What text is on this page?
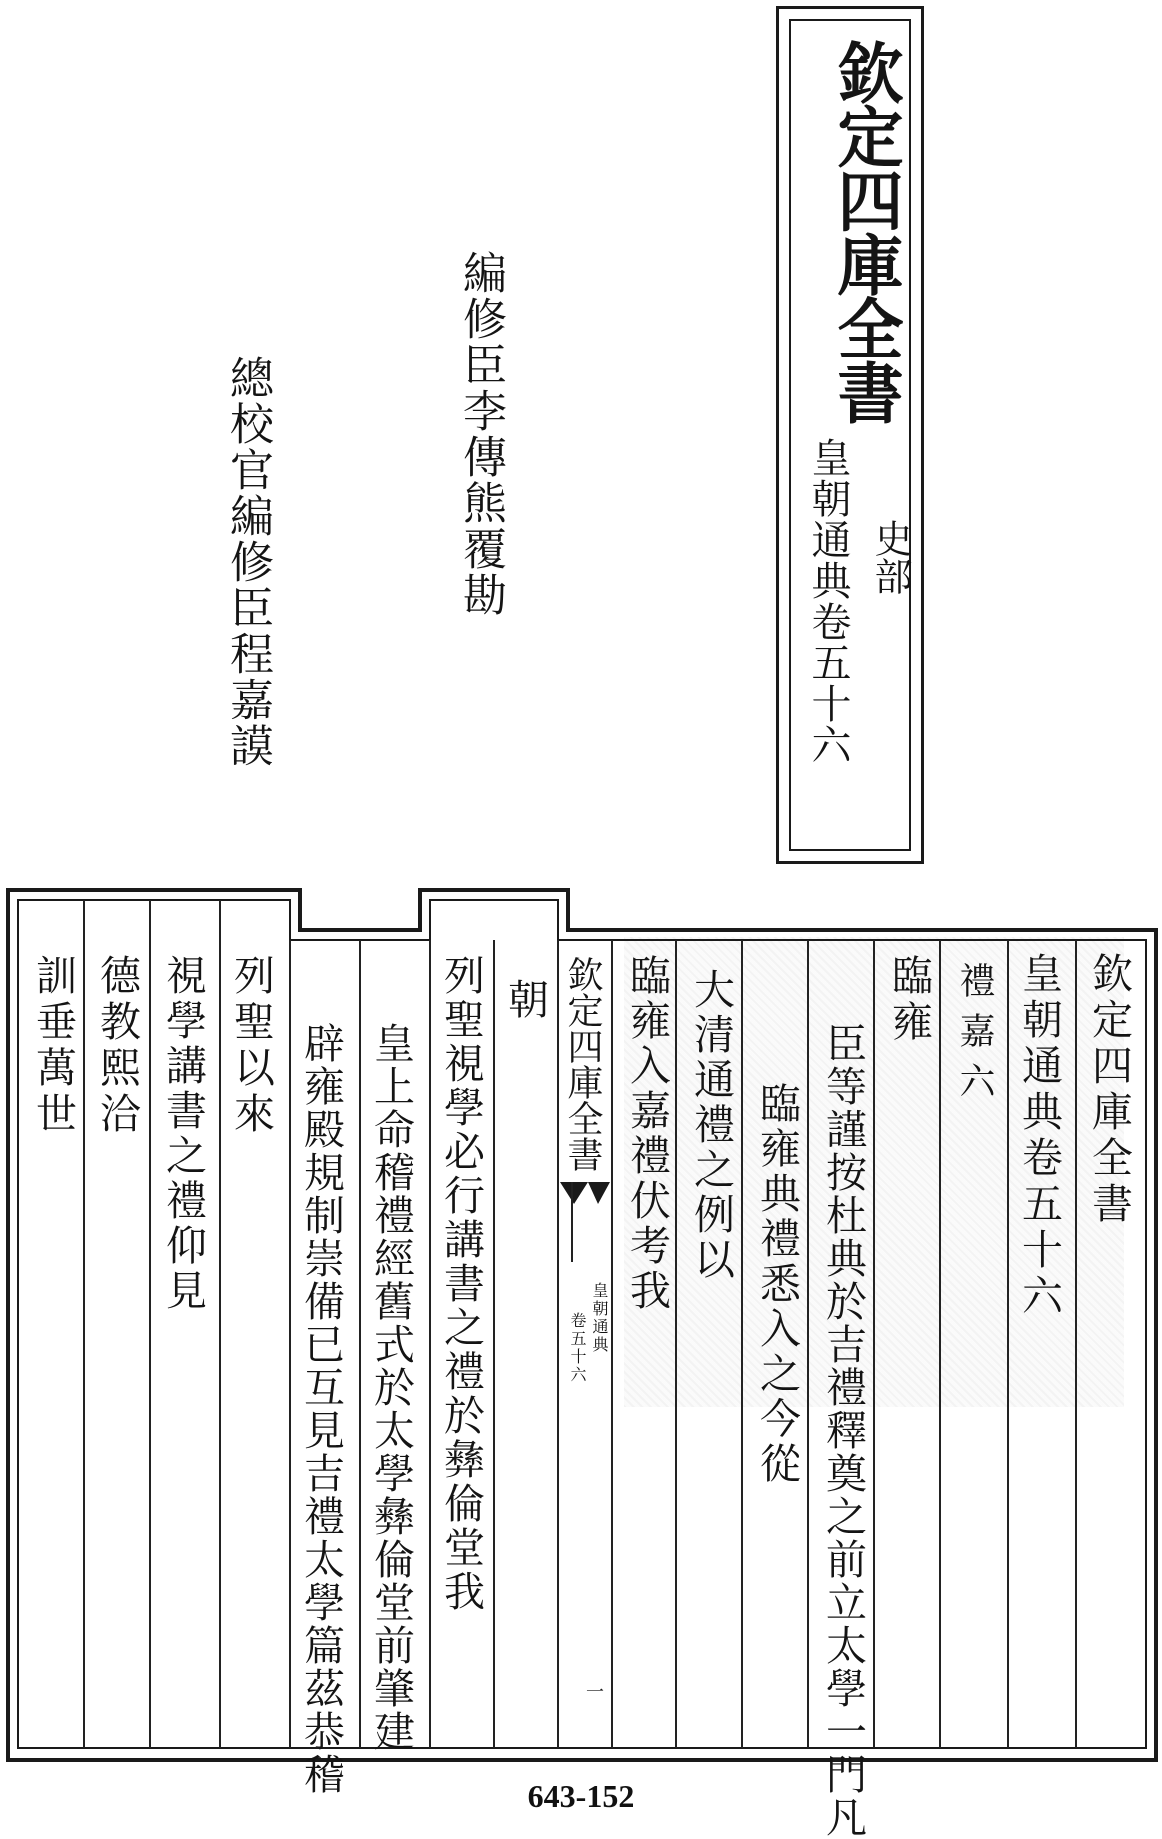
欽定四庫全書
皇朝通典卷五十六 史部
編修臣李傳熊覆勘
總校官編修臣程嘉謨
欽定四庫全書
皇朝通典卷五十六
禮嘉六
臨雍
臣等謹按杜典於吉禮釋奠之前立太學一門凡
臨雍典禮悉入之今從
大清通禮之例以
臨雍入嘉禮伏考我
欽定四庫全書
皇朝通典
卷五十六
一
朝
列聖視學必行講書之禮於彝倫堂我
皇上命稽禮經舊式於太學彝倫堂前肇建
辟雍殿規制崇備已互見吉禮太學篇茲恭稽
列聖以來
視學講書之禮仰見
德教熙洽
訓垂萬世
643-152
